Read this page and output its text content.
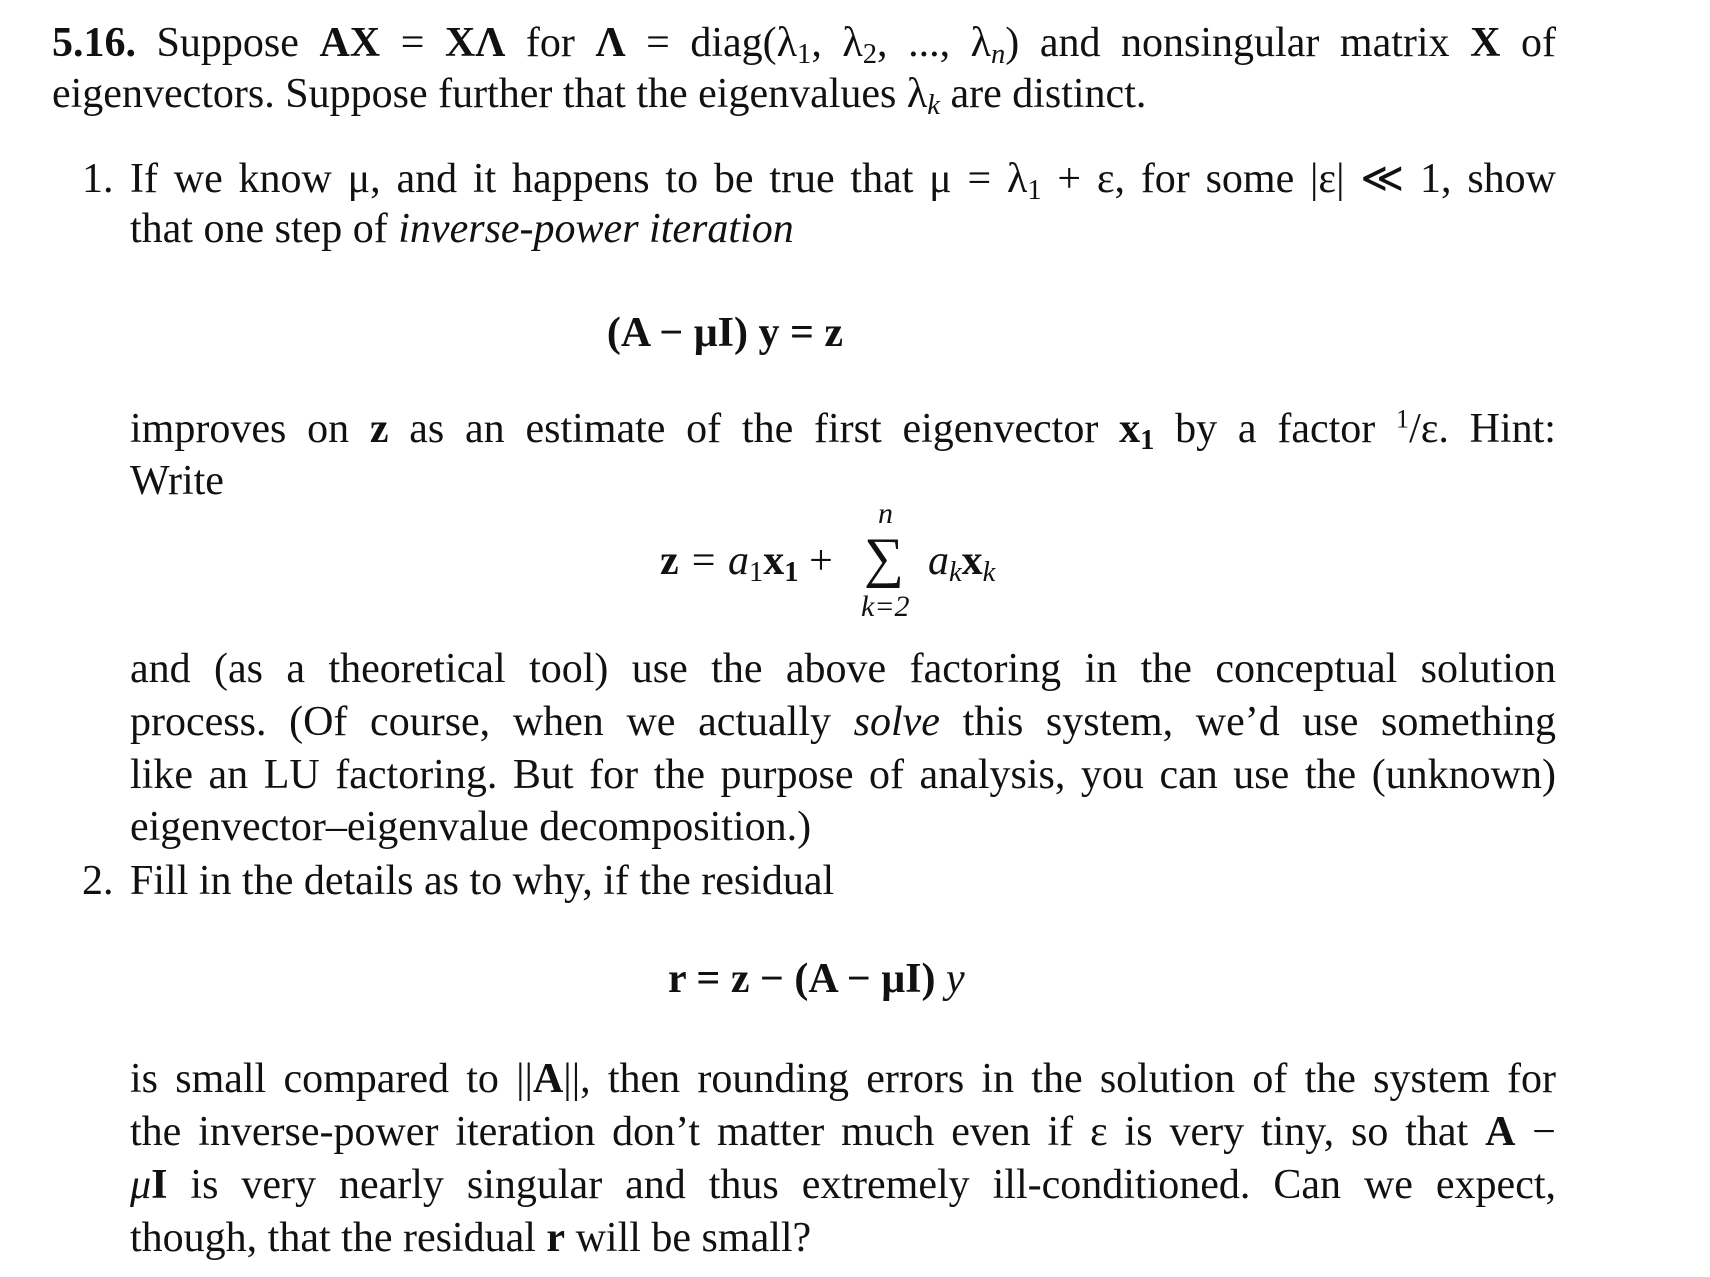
5.16. Suppose AX = XΛ for $\Lambda = diag(\lambda_1$, $\lambda_2$, ..., $\lambda_n$) and nonsingular matrix X of
eigenvectors. Suppose further that the eigenvalues $\lambda_k$ are distinct.
1. If we know μ, and it happens to be true that $\mu = \lambda_1 + \varepsilon$, for some |ε| ≪ 1, show
that one step of inverse-power iteration
(A − μI) y = z
improves on z as an estimate of the first eigenvector $x_1$ by a factor $^1$/ε. Hint:
Write
$z = a_1x_1$ +
n
∑
k=2
$a_kx_k$
and (as a theoretical tool) use the above factoring in the conceptual solution
process. (Of course, when we actually solve this system, we’d use something
like an LU factoring. But for the purpose of analysis, you can use the (unknown)
eigenvector–eigenvalue decomposition.)
2. Fill in the details as to why, if the residual
r = z − (A − μI) y
is small compared to ||A||, then rounding errors in the solution of the system for
the inverse-power iteration don’t matter much even if ε is very tiny, so that A −
μI is very nearly singular and thus extremely ill-conditioned. Can we expect,
though, that the residual r will be small?
